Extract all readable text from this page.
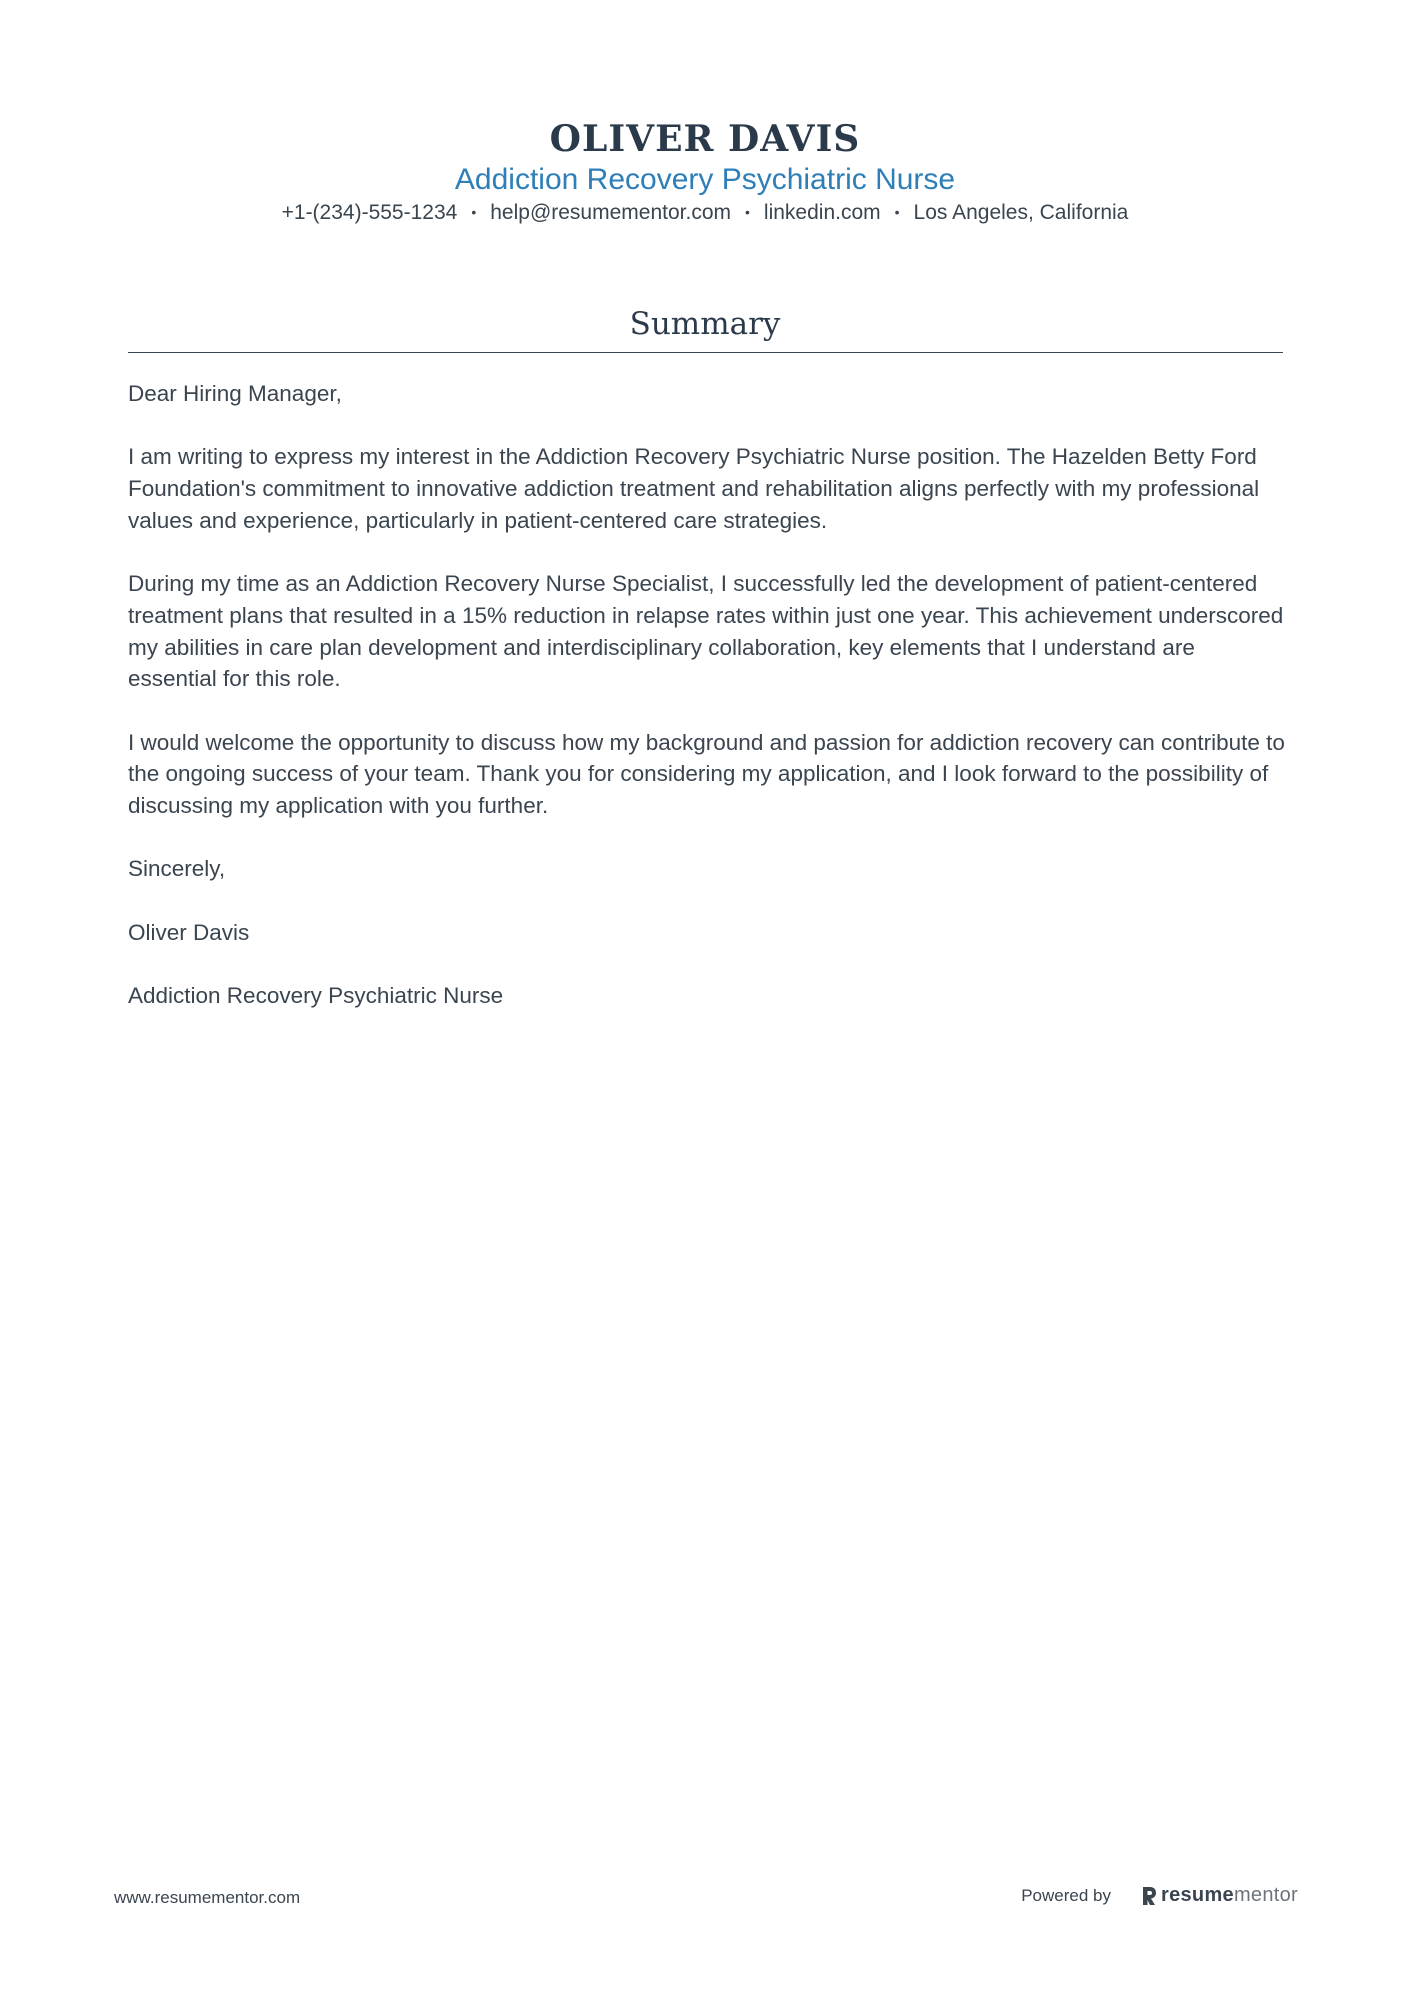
OLIVER DAVIS
Addiction Recovery Psychiatric Nurse
+1-(234)-555-1234 • help@resumementor.com • linkedin.com • Los Angeles, California
Summary

Dear Hiring Manager,

I am writing to express my interest in the Addiction Recovery Psychiatric Nurse position. The Hazelden Betty Ford Foundation's commitment to innovative addiction treatment and rehabilitation aligns perfectly with my professional values and experience, particularly in patient-centered care strategies.

During my time as an Addiction Recovery Nurse Specialist, I successfully led the development of patient-centered treatment plans that resulted in a 15% reduction in relapse rates within just one year. This achievement underscored my abilities in care plan development and interdisciplinary collaboration, key elements that I understand are essential for this role.

I would welcome the opportunity to discuss how my background and passion for addiction recovery can contribute to the ongoing success of your team. Thank you for considering my application, and I look forward to the possibility of discussing my application with you further.

Sincerely,

Oliver Davis

Addiction Recovery Psychiatric Nurse

www.resumementor.com	Powered by	resume mentor
